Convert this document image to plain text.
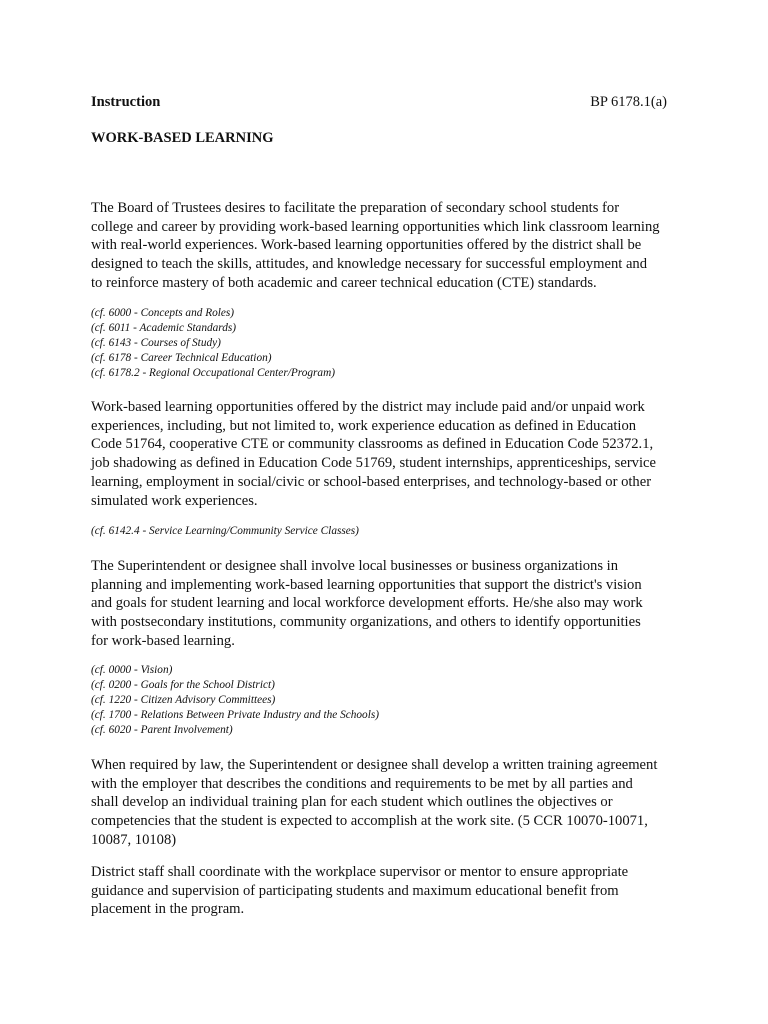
Instruction	BP 6178.1(a)
WORK-BASED LEARNING

The Board of Trustees desires to facilitate the preparation of secondary school students for
college and career by providing work-based learning opportunities which link classroom learning
with real-world experiences. Work-based learning opportunities offered by the district shall be
designed to teach the skills, attitudes, and knowledge necessary for successful employment and
to reinforce mastery of both academic and career technical education (CTE) standards.

(cf. 6000 - Concepts and Roles)
(cf. 6011 - Academic Standards)
(cf. 6143 - Courses of Study)
(cf. 6178 - Career Technical Education)
(cf. 6178.2 - Regional Occupational Center/Program)

Work-based learning opportunities offered by the district may include paid and/or unpaid work
experiences, including, but not limited to, work experience education as defined in Education
Code 51764, cooperative CTE or community classrooms as defined in Education Code 52372.1,
job shadowing as defined in Education Code 51769, student internships, apprenticeships, service
learning, employment in social/civic or school-based enterprises, and technology-based or other
simulated work experiences.

(cf. 6142.4 - Service Learning/Community Service Classes)

The Superintendent or designee shall involve local businesses or business organizations in
planning and implementing work-based learning opportunities that support the district's vision
and goals for student learning and local workforce development efforts. He/she also may work
with postsecondary institutions, community organizations, and others to identify opportunities
for work-based learning.

(cf. 0000 - Vision)
(cf. 0200 - Goals for the School District)
(cf. 1220 - Citizen Advisory Committees)
(cf. 1700 - Relations Between Private Industry and the Schools)
(cf. 6020 - Parent Involvement)

When required by law, the Superintendent or designee shall develop a written training agreement
with the employer that describes the conditions and requirements to be met by all parties and
shall develop an individual training plan for each student which outlines the objectives or
competencies that the student is expected to accomplish at the work site. (5 CCR 10070-10071,
10087, 10108)

District staff shall coordinate with the workplace supervisor or mentor to ensure appropriate
guidance and supervision of participating students and maximum educational benefit from
placement in the program.
